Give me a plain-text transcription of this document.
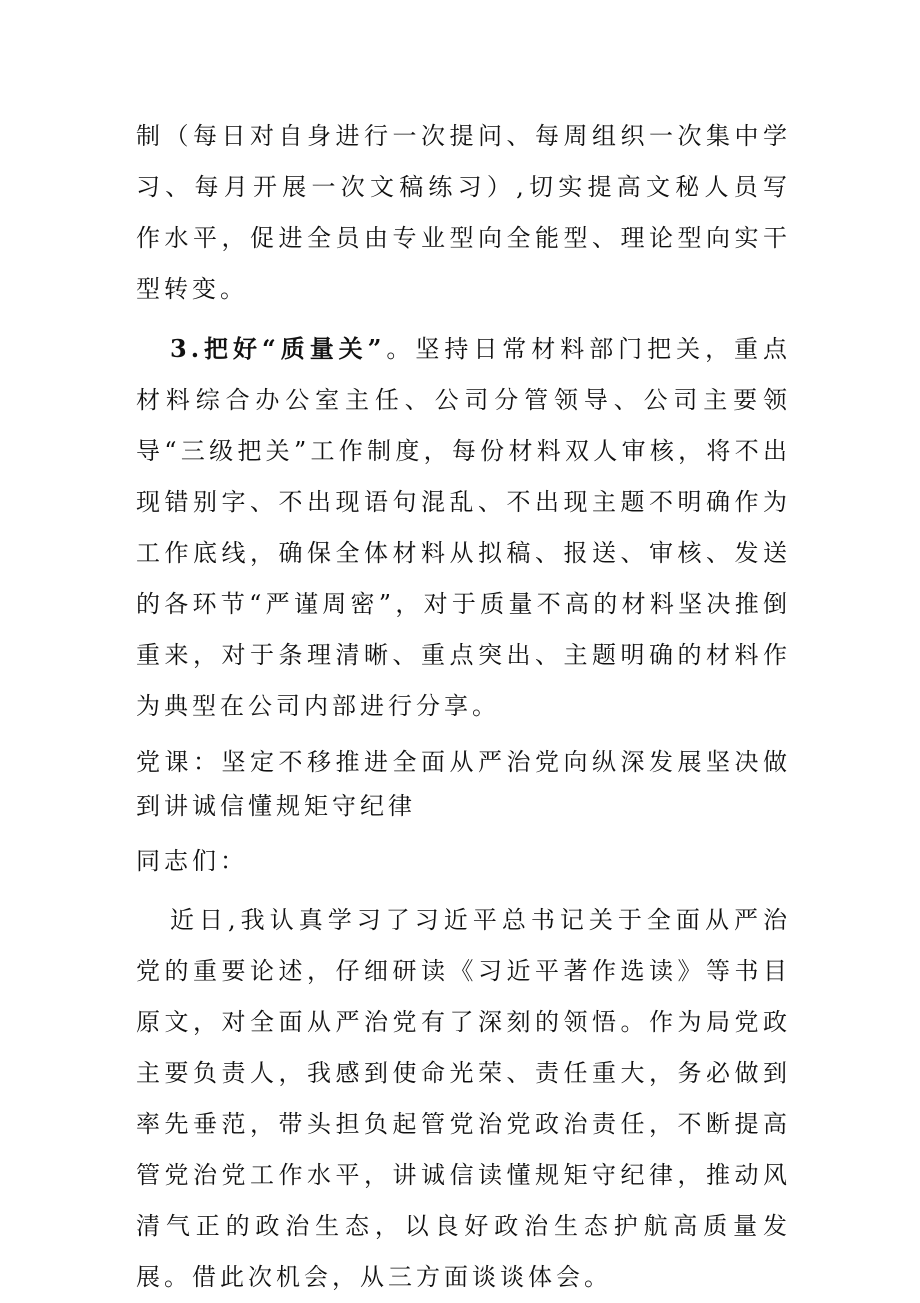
制（每日对自身进行一次提问、每周组织一次集中学习、每月开展一次文稿练习）,切实提高文秘人员写作水平，促进全员由专业型向全能型、理论型向实干型转变。

3.把好“质量关”。坚持日常材料部门把关，重点材料综合办公室主任、公司分管领导、公司主要领导“三级把关”工作制度，每份材料双人审核，将不出现错别字、不出现语句混乱、不出现主题不明确作为工作底线，确保全体材料从拟稿、报送、审核、发送的各环节“严谨周密”，对于质量不高的材料坚决推倒重来，对于条理清晰、重点突出、主题明确的材料作为典型在公司内部进行分享。

党课：坚定不移推进全面从严治党向纵深发展坚决做到讲诚信懂规矩守纪律

同志们：

近日,我认真学习了习近平总书记关于全面从严治党的重要论述，仔细研读《习近平著作选读》等书目原文，对全面从严治党有了深刻的领悟。作为局党政主要负责人，我感到使命光荣、责任重大，务必做到率先垂范，带头担负起管党治党政治责任，不断提高管党治党工作水平，讲诚信读懂规矩守纪律，推动风清气正的政治生态，以良好政治生态护航高质量发展。借此次机会，从三方面谈谈体会。
